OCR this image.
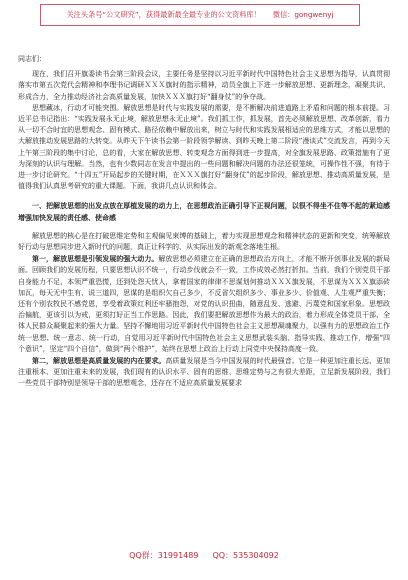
关注头条号“公文研究”，获得最新最全最专业的公文资料库！ 微信：gongwenyj

同志们：

现在，我们召开旗委读书会第三阶段会议，主要任务是坚持以习近平新时代中国特色社会主义思想为指导，认真贯彻落实市第五次党代会精神和李理书记调研ＸＸＸ旗时的指示精神，动员全旗上下进一步解放思想、更新理念，凝聚共识、形成合力，全力推动经济社会高质量发展，加快ＸＸＸ旗打好“翻身仗”的争夺战。

思想藏冰，行动才可能突围。解放思想是时代与实践发展的需要，是不断解决前进道路上矛盾和问题的根本前提。习近平总书记指出：“实践发展永无止境，解放思想永无止境”。我们抓工作，抓发展，首先必须解放思想、改革创新，看力从一切不合时宜的思想观念、固有模式、路径依赖中解放出来，树立与时代和实践发展相适应的思维方式，才能以思想的大解放推动发展思路的大转变。从昨天下午读书会第一阶段领学解读、到昨天晚上第二阶段“漫谈式”交流发言，再到今天上午第三阶段的集中讨论，总的看，大家在解放思想、转变观念方面得到进一步提高，对全旗发展思路、政策措施有了更为深刻的认识与理解。当然，也有少数同志在发言中提出的一些问题和解决问题的办法还很笼统，可操作性不强，有待于进一步讨论研究。“十四五”开局起步的关键时期，在ＸＸＸ旗打好“翻身仗”的起步阶段，解放思想、推动高质量发展，是值得我们认真思考研究的重大课题。下面，我讲几点认识和体会。

一、把解放思想的出发点放在厚植发展的动力上，在思想政治正确引导下正视问题，以很不得坐不住等不起的紧迫感增强加快发展的责任感、使命感

解放思想的核心是在打破思维定势和主观偏见束缚的基础上，着力实现思想观念和精神状态的更新和突变，统筹解放好行动与思想同步进入新时代的问题，真正让科学的、从实际出发的新观念落地生根。

第一，解放思想是引领发展的强大动力。解放思想必须建立在正确的思想政治方向上，才能不断开创事业发展的新局面。回顾我们的发展历程，只要思想认识不统一，行动步伐就会不一致，工作成效必然打折扣。当前，我们个别党员干部自身能力不足，本领严重恐慌，还到处怨天忧人，拿着国家的律律不思谋划何推动ＸＸＸ旗发展，不思谋为ＸＸＸ旗添砖加瓦，每天无中生有、说三道四，思谋的是组织欠自己多少，不反省欠组织多少、事业多少、价值观、人生观严重失衡；还有个别农牧民不感党恩，享受着政策红利还牢骚抱怨，对党的认识扭曲，随意乱发、逃避、污蔑党和国家形象。思想政治偏航，更该引以为戒，更须打好正当工作思路。因此，我们要把解放思想作为最大的政治，着力形成全体党员干部、全体人民群众凝聚起来的强大力量。坚持不懈地用习近平新时代中国特色社会主义思想凝魂聚力，以强有力的思想政治工作统一思想、统一意志、统一行动，自觉用习近平新时代中国特色社会主义思想武装头脑、指导实践、推动工作，增强“四个意识”，坚定“四个自信”，做到“两个维护”，始终在思想上政治上行动上同党中央保持高度一致。

第二，解放思想是高质量发展的内在要求。高质量发展是当今中国发展的时代最强音。它是一种更加注重长远、更加注重根本、更加注重未来的发展，我们现有的认识水平、固有的思维、思维定势与之有很大差距，立足新发展阶段，我们一些党员干部特别是领导干部的思想观念，还存在不适应高质量发展要求

QQ群：31991489 QQ：535304092
